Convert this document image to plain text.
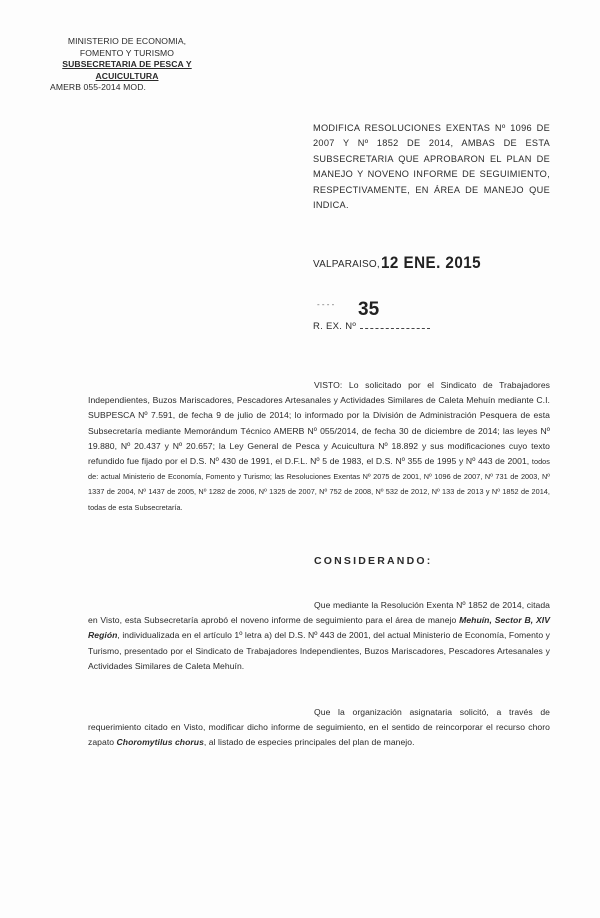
MINISTERIO DE ECONOMIA,
FOMENTO Y TURISMO
SUBSECRETARIA DE PESCA Y ACUICULTURA
AMERB 055-2014 MOD.
MODIFICA RESOLUCIONES EXENTAS Nº 1096 DE 2007 Y Nº 1852 DE 2014, AMBAS DE ESTA SUBSECRETARIA QUE APROBARON EL PLAN DE MANEJO Y NOVENO INFORME DE SEGUIMIENTO, RESPECTIVAMENTE, EN ÁREA DE MANEJO QUE INDICA.
VALPARAISO, 12 ENE. 2015
- - - - 35
R. EX. Nº
VISTO: Lo solicitado por el Sindicato de Trabajadores Independientes, Buzos Mariscadores, Pescadores Artesanales y Actividades Similares de Caleta Mehuín mediante C.I. SUBPESCA Nº 7.591, de fecha 9 de julio de 2014; lo informado por la División de Administración Pesquera de esta Subsecretaría mediante Memorándum Técnico AMERB Nº 055/2014, de fecha 30 de diciembre de 2014; las leyes Nº 19.880, Nº 20.437 y Nº 20.657; la Ley General de Pesca y Acuicultura Nº 18.892 y sus modificaciones cuyo texto refundido fue fijado por el D.S. Nº 430 de 1991, el D.F.L. Nº 5 de 1983, el D.S. Nº 355 de 1995 y Nº 443 de 2001, todos de: actual Ministerio de Economía, Fomento y Turismo; las Resoluciones Exentas Nº 2075 de 2001, Nº 1096 de 2007, Nº 731 de 2003, Nº 1337 de 2004, Nº 1437 de 2005, Nº 1282 de 2006, Nº 1325 de 2007, Nº 752 de 2008, Nº 532 de 2012, Nº 133 de 2013 y Nº 1852 de 2014, todas de esta Subsecretaría.
CONSIDERANDO:
Que mediante la Resolución Exenta Nº 1852 de 2014, citada en Visto, esta Subsecretaría aprobó el noveno informe de seguimiento para el área de manejo Mehuín, Sector B, XIV Región, individualizada en el artículo 1º letra a) del D.S. Nº 443 de 2001, del actual Ministerio de Economía, Fomento y Turismo, presentado por el Sindicato de Trabajadores Independientes, Buzos Mariscadores, Pescadores Artesanales y Actividades Similares de Caleta Mehuín.
Que la organización asignataria solicitó, a través de requerimiento citado en Visto, modificar dicho informe de seguimiento, en el sentido de reincorporar el recurso choro zapato Choromytilus chorus, al listado de especies principales del plan de manejo.
